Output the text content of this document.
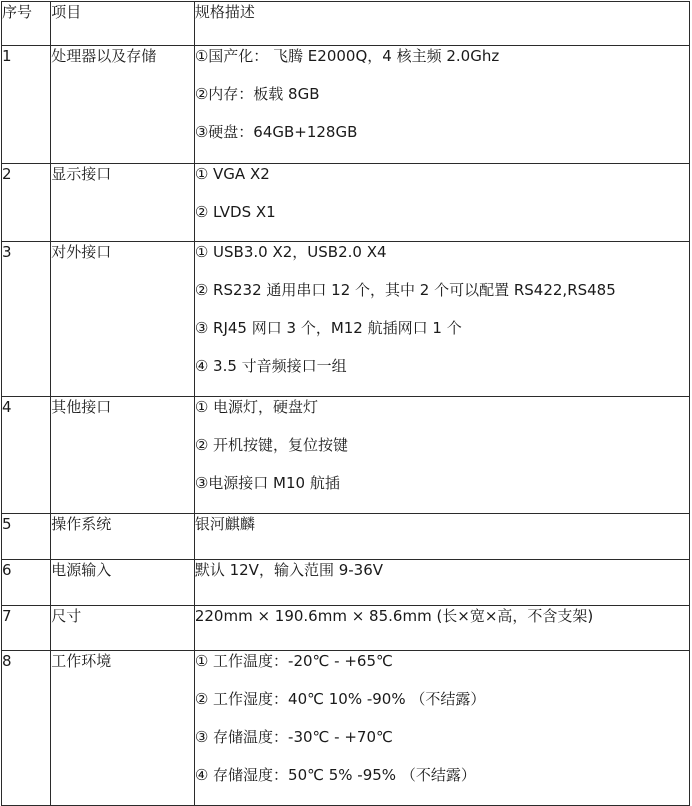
序号	项目	规格描述
1	处理器以及存储	①国产化： 飞腾 E2000Q，4 核主频 2.0Ghz
②内存：板载 8GB
③硬盘：64GB+128GB

2	显示接口	① VGA X2
② LVDS X1

3	对外接口	① USB3.0 X2，USB2.0 X4
② RS232 通用串口 12 个，其中 2 个可以配置 RS422,RS485
③ RJ45 网口 3 个，M12 航插网口 1 个
④ 3.5 寸音频接口一组

4	其他接口	① 电源灯，硬盘灯
② 开机按键，复位按键
③电源接口 M10 航插

5	操作系统	银河麒麟
6	电源输入	默认 12V，输入范围 9-36V
7	尺寸	220mm × 190.6mm × 85.6mm (长×宽×高，不含支架)
8	工作环境	① 工作温度：-20℃ - +65℃
② 工作湿度：40℃ 10% -90% （不结露）
③ 存储温度：-30℃ - +70℃
④ 存储湿度：50℃ 5% -95% （不结露）
